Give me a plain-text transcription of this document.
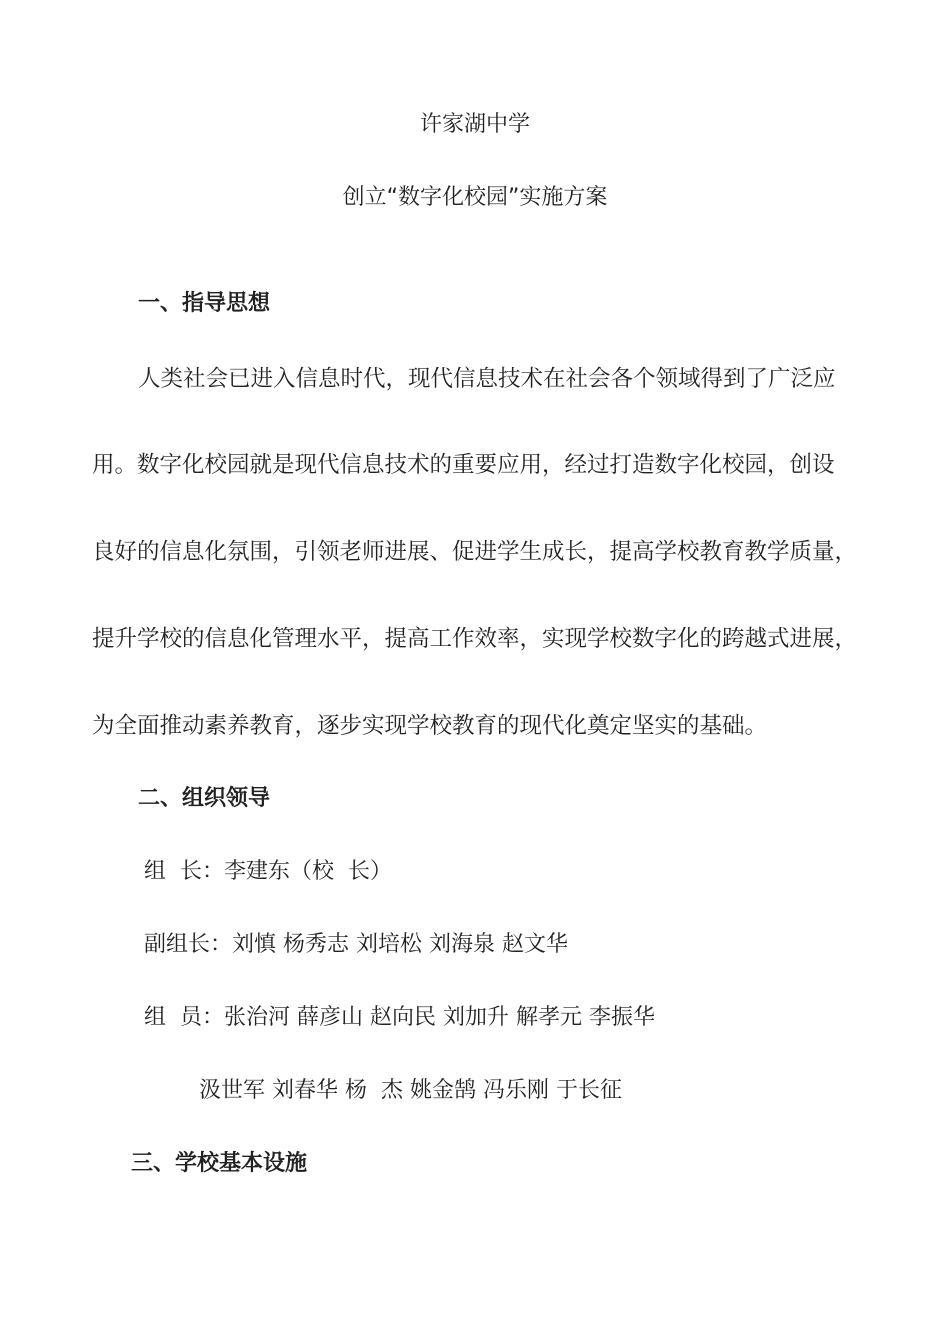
许家湖中学
创立“数字化校园”实施方案
一、指导思想
人类社会已进入信息时代，现代信息技术在社会各个领域得到了广泛应
用。数字化校园就是现代信息技术的重要应用，经过打造数字化校园，创设
良好的信息化氛围，引领老师进展、促进学生成长，提高学校教育教学质量，
提升学校的信息化管理水平，提高工作效率，实现学校数字化的跨越式进展，
为全面推动素养教育，逐步实现学校教育的现代化奠定坚实的基础。
二、组织领导
组  长：李建东（校  长）
副组长：刘慎 杨秀志 刘培松 刘海泉 赵文华
组  员：张治河 薛彦山 赵向民 刘加升 解孝元 李振华
汲世军 刘春华 杨  杰 姚金鹄 冯乐刚 于长征
三、学校基本设施
